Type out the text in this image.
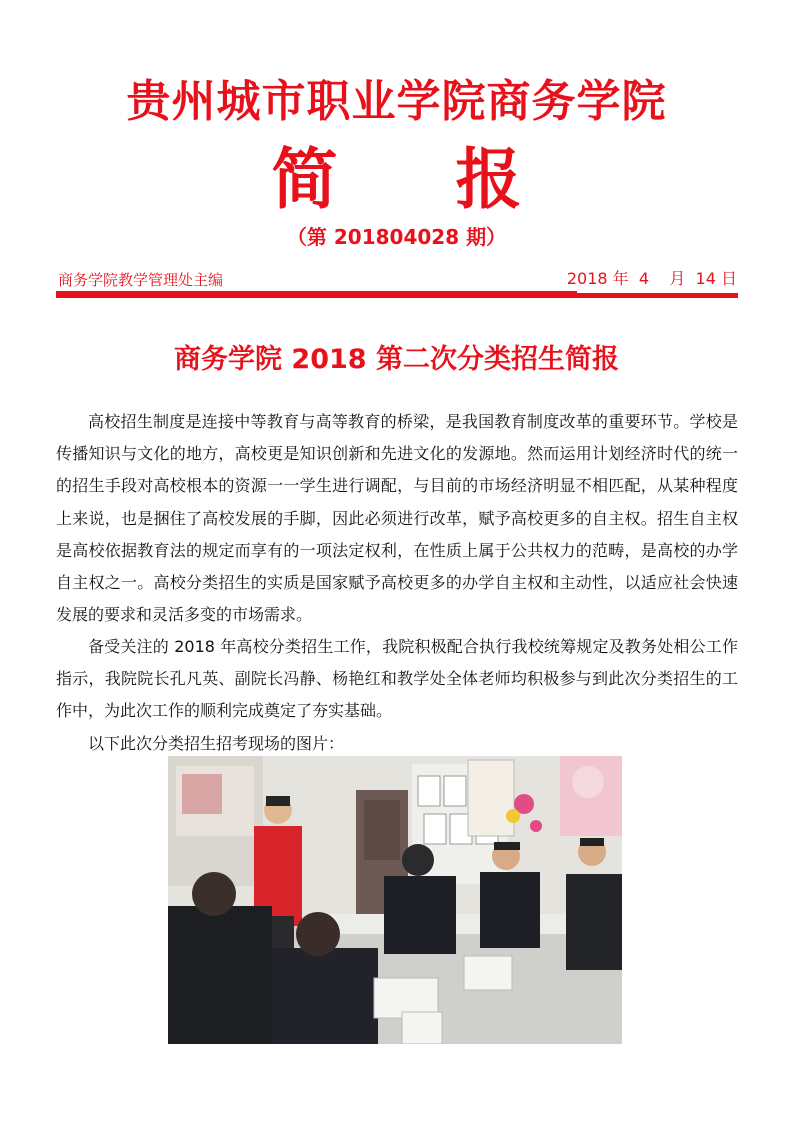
贵州城市职业学院商务学院
简 报
（第 201804028 期）
商务学院教学管理处主编	2018 年  4    月  14 日
商务学院 2018 第二次分类招生简报
高校招生制度是连接中等教育与高等教育的桥梁，是我国教育制度改革的重要环节。学校是传播知识与文化的地方，高校更是知识创新和先进文化的发源地。然而运用计划经济时代的统一的招生手段对高校根本的资源一一学生进行调配，与目前的市场经济明显不相匹配，从某种程度上来说，也是捆住了高校发展的手脚，因此必须进行改革，赋予高校更多的自主权。招生自主权是高校依据教育法的规定而享有的一项法定权利，在性质上属于公共权力的范畴，是高校的办学自主权之一。高校分类招生的实质是国家赋予高校更多的办学自主权和主动性，以适应社会快速发展的要求和灵活多变的市场需求。
备受关注的 2018 年高校分类招生工作，我院积极配合执行我校统筹规定及教务处相公工作指示，我院院长孔凡英、副院长冯静、杨艳红和教学处全体老师均积极参与到此次分类招生的工作中，为此次工作的顺利完成奠定了夯实基础。
以下此次分类招生招考现场的图片：
